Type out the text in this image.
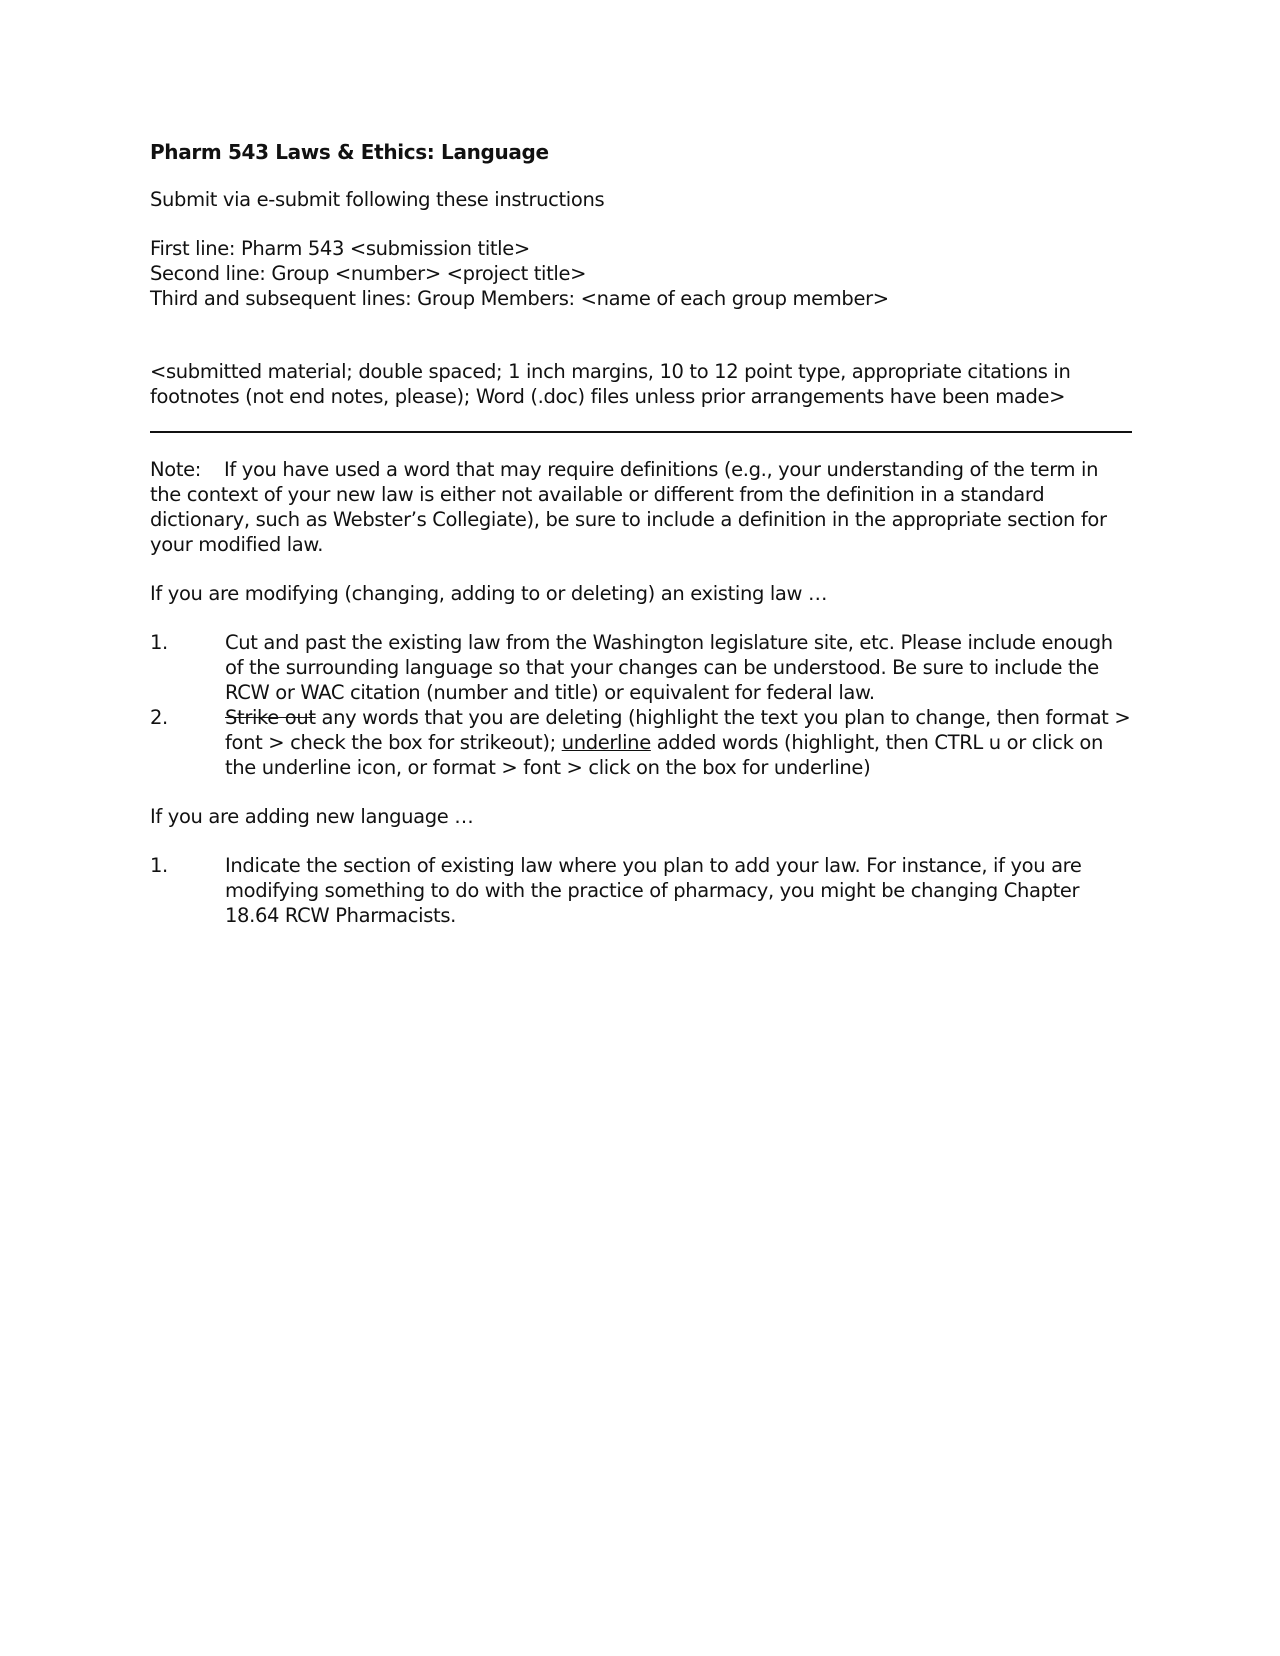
Pharm 543 Laws & Ethics: Language
Submit via e-submit following these instructions
First line: Pharm 543 <submission title>
Second line: Group <number> <project title>
Third and subsequent lines: Group Members: <name of each group member>
<submitted material; double spaced; 1 inch margins, 10 to 12 point type, appropriate citations in footnotes (not end notes, please); Word (.doc) files unless prior arrangements have been made>
Note: If you have used a word that may require definitions (e.g., your understanding of the term in the context of your new law is either not available or different from the definition in a standard dictionary, such as Webster’s Collegiate), be sure to include a definition in the appropriate section for your modified law.
If you are modifying (changing, adding to or deleting) an existing law …
1.	Cut and past the existing law from the Washington legislature site, etc. Please include enough of the surrounding language so that your changes can be understood. Be sure to include the RCW or WAC citation (number and title) or equivalent for federal law.
2.	Strike out any words that you are deleting (highlight the text you plan to change, then format > font > check the box for strikeout); underline added words (highlight, then CTRL u or click on the underline icon, or format > font > click on the box for underline)
If you are adding new language …
1.	Indicate the section of existing law where you plan to add your law. For instance, if you are modifying something to do with the practice of pharmacy, you might be changing Chapter 18.64 RCW Pharmacists.
